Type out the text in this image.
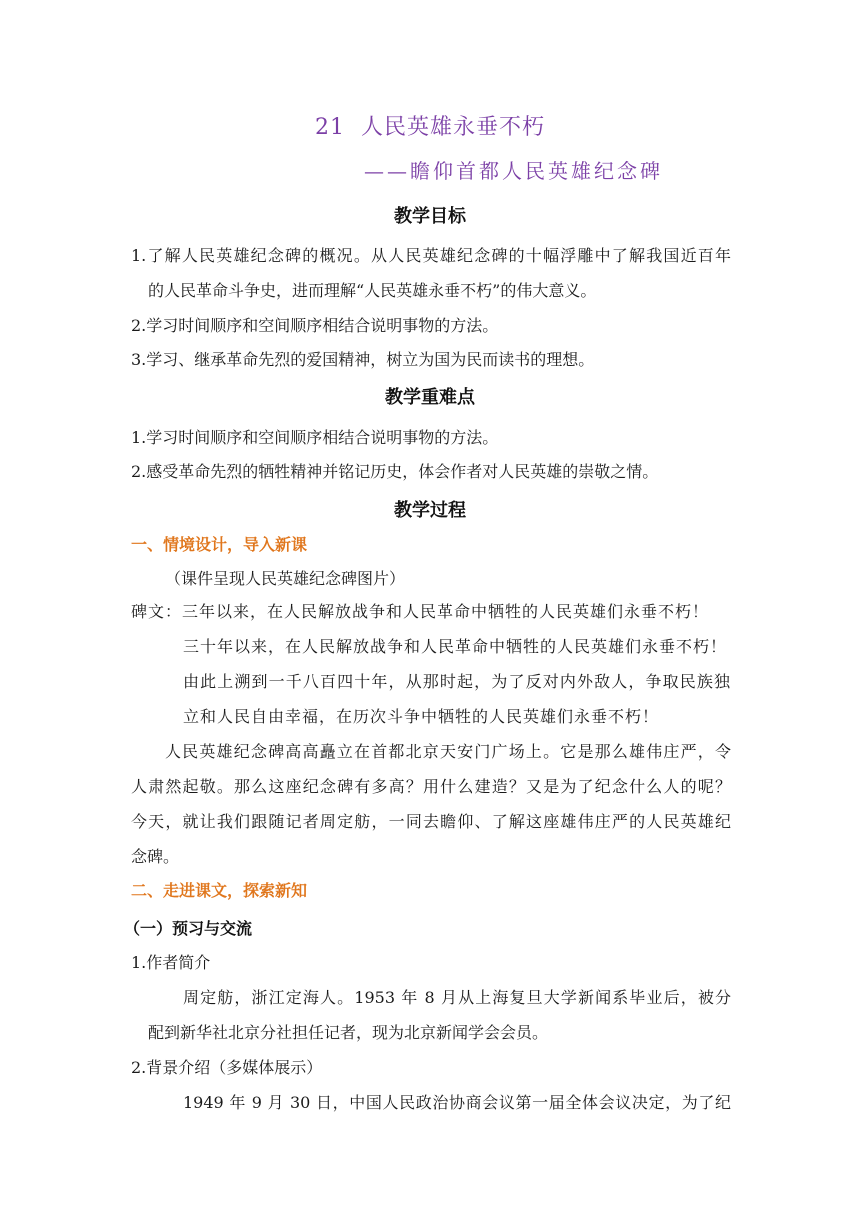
21 人民英雄永垂不朽
——瞻仰首都人民英雄纪念碑
教学目标
1.了解人民英雄纪念碑的概况。从人民英雄纪念碑的十幅浮雕中了解我国近百年
的人民革命斗争史，进而理解“人民英雄永垂不朽”的伟大意义。
2.学习时间顺序和空间顺序相结合说明事物的方法。
3.学习、继承革命先烈的爱国精神，树立为国为民而读书的理想。
教学重难点
1.学习时间顺序和空间顺序相结合说明事物的方法。
2.感受革命先烈的牺牲精神并铭记历史，体会作者对人民英雄的崇敬之情。
教学过程
一、情境设计，导入新课
（课件呈现人民英雄纪念碑图片）
碑文：三年以来，在人民解放战争和人民革命中牺牲的人民英雄们永垂不朽！
三十年以来，在人民解放战争和人民革命中牺牲的人民英雄们永垂不朽！
由此上溯到一千八百四十年，从那时起，为了反对内外敌人，争取民族独
立和人民自由幸福，在历次斗争中牺牲的人民英雄们永垂不朽！
人民英雄纪念碑高高矗立在首都北京天安门广场上。它是那么雄伟庄严，令
人肃然起敬。那么这座纪念碑有多高？用什么建造？又是为了纪念什么人的呢？
今天，就让我们跟随记者周定舫，一同去瞻仰、了解这座雄伟庄严的人民英雄纪
念碑。
二、走进课文，探索新知
（一）预习与交流
1.作者简介
周定舫，浙江定海人。1953 年 8 月从上海复旦大学新闻系毕业后，被分
配到新华社北京分社担任记者，现为北京新闻学会会员。
2.背景介绍（多媒体展示）
1949 年 9 月 30 日，中国人民政治协商会议第一届全体会议决定，为了纪
